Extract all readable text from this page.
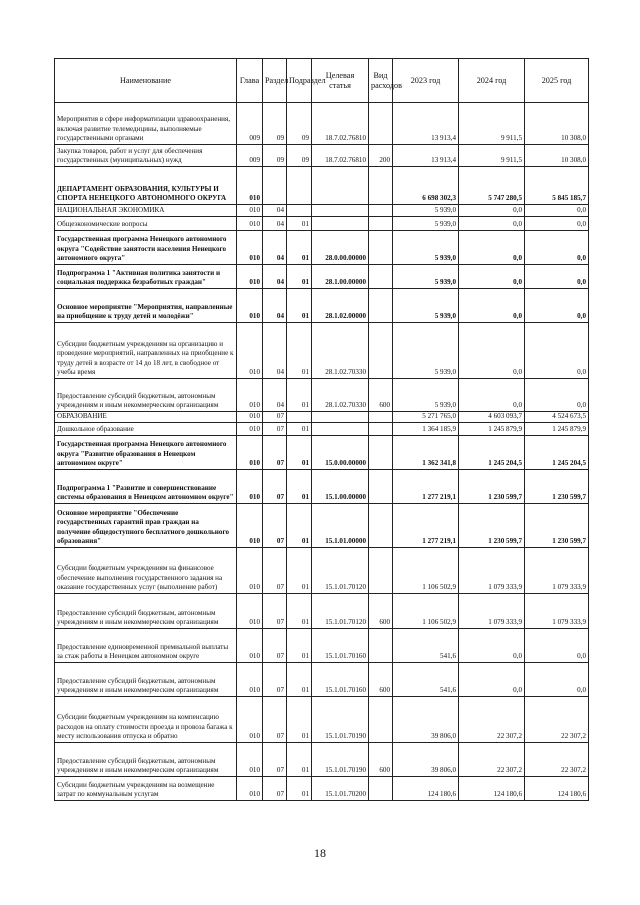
Наименование	Глава	Раздел	Подраздел	Целевая статья	Вид расходов	2023 год	2024 год	2025 год
Мероприятия в сфере информатизации здравоохранения, включая развитие телемедицины, выполняемые государственными органами	009	09	09	18.7.02.76810		13 913,4	9 911,5	10 308,0
Закупка товаров, работ и услуг для обеспечения государственных (муниципальных) нужд	009	09	09	18.7.02.76810	200	13 913,4	9 911,5	10 308,0
ДЕПАРТАМЕНТ ОБРАЗОВАНИЯ, КУЛЬТУРЫ И СПОРТА НЕНЕЦКОГО АВТОНОМНОГО ОКРУГА	010					6 698 302,3	5 747 280,5	5 845 185,7
НАЦИОНАЛЬНАЯ ЭКОНОМИКА	010	04				5 939,0	0,0	0,0
Общеэкономические вопросы	010	04	01			5 939,0	0,0	0,0
Государственная программа Ненецкого автономного округа "Содействие занятости населения Ненецкого автономного округа"	010	04	01	28.0.00.00000		5 939,0	0,0	0,0
Подпрограмма 1 "Активная политика занятости и социальная поддержка безработных граждан"	010	04	01	28.1.00.00000		5 939,0	0,0	0,0
Основное мероприятие "Мероприятия, направленные на приобщение к труду детей и молодёжи"	010	04	01	28.1.02.00000		5 939,0	0,0	0,0
Субсидии бюджетным учреждениям на организацию и проведение мероприятий, направленных на приобщение к труду детей в возрасте от 14 до 18 лет, в свободное от учебы время	010	04	01	28.1.02.70330		5 939,0	0,0	0,0
Предоставление субсидий бюджетным, автономным учреждениям и иным некоммерческим организациям	010	04	01	28.1.02.70330	600	5 939,0	0,0	0,0
ОБРАЗОВАНИЕ	010	07				5 271 765,0	4 603 093,7	4 524 673,5
Дошкольное образование	010	07	01			1 364 185,9	1 245 879,9	1 245 879,9
Государственная программа Ненецкого автономного округа "Развитие образования в Ненецком автономном округе"	010	07	01	15.0.00.00000		1 362 341,8	1 245 204,5	1 245 204,5
Подпрограмма 1 "Развитие и совершенствование системы образования в Ненецком автономном округе"	010	07	01	15.1.00.00000		1 277 219,1	1 230 599,7	1 230 599,7
Основное мероприятие "Обеспечение государственных гарантий прав граждан на получение общедоступного бесплатного дошкольного образования"	010	07	01	15.1.01.00000		1 277 219,1	1 230 599,7	1 230 599,7
Субсидии бюджетным учреждениям на финансовое обеспечение выполнения государственного задания на оказание государственных услуг (выполнение работ)	010	07	01	15.1.01.70120		1 106 502,9	1 079 333,9	1 079 333,9
Предоставление субсидий бюджетным, автономным учреждениям и иным некоммерческим организациям	010	07	01	15.1.01.70120	600	1 106 502,9	1 079 333,9	1 079 333,9
Предоставление единовременной премиальной выплаты за стаж работы в Ненецком автономном округе	010	07	01	15.1.01.70160		541,6	0,0	0,0
Предоставление субсидий бюджетным, автономным учреждениям и иным некоммерческим организациям	010	07	01	15.1.01.70160	600	541,6	0,0	0,0
Субсидии бюджетным учреждениям на компенсацию расходов на оплату стоимости проезда и провоза багажа к месту использования отпуска и обратно	010	07	01	15.1.01.70190		39 806,0	22 307,2	22 307,2
Предоставление субсидий бюджетным, автономным учреждениям и иным некоммерческим организациям	010	07	01	15.1.01.70190	600	39 806,0	22 307,2	22 307,2
Субсидии бюджетным учреждениям на возмещение затрат по коммунальным услугам	010	07	01	15.1.01.70200		124 180,6	124 180,6	124 180,6
18
